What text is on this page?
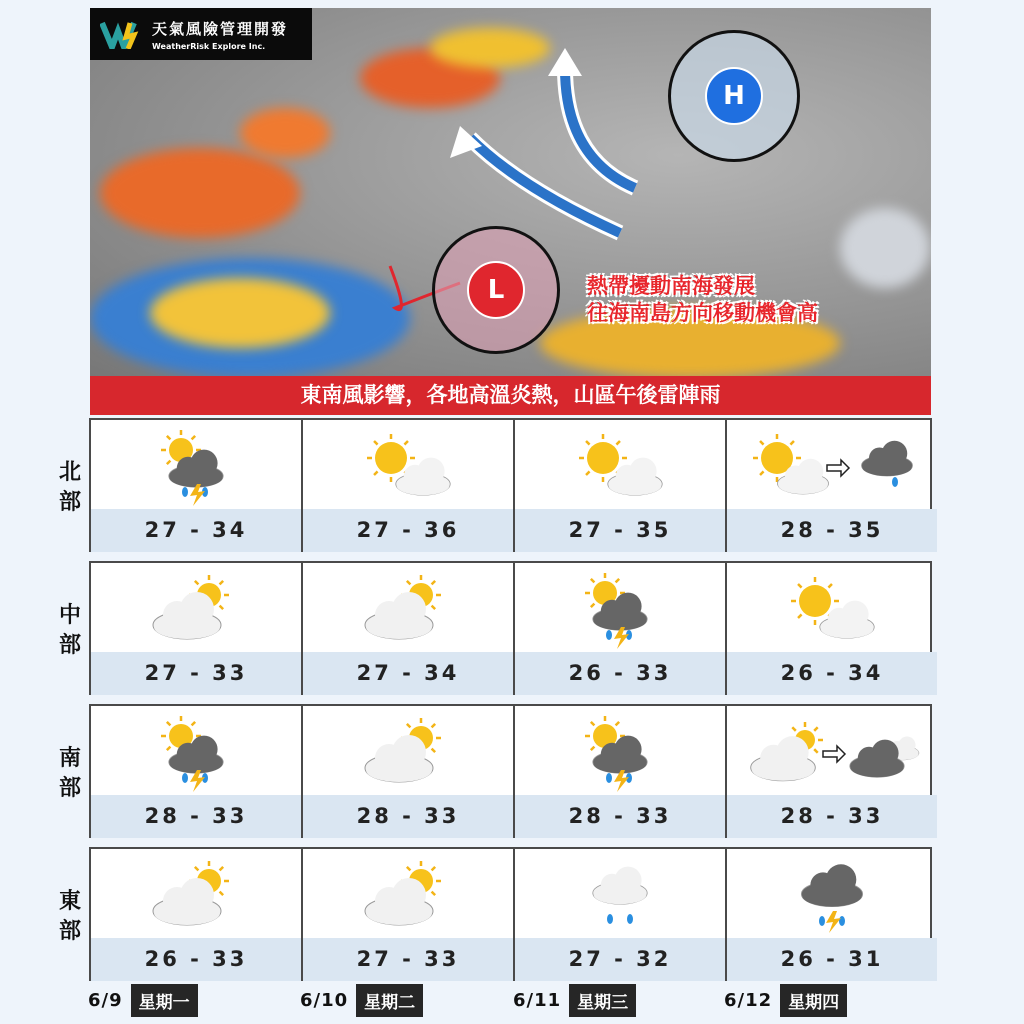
天氣風險管理開發
WeatherRisk Explore Inc.
H
L	熱帶擾動南海發展
往海南島方向移動機會高
東南風影響，各地高溫炎熱，山區午後雷陣雨
北
部
27 - 34	27 - 36	27 - 35	28 - 35
中
部
27 - 33	27 - 34	26 - 33	26 - 34
南
部
28 - 33	28 - 33	28 - 33	28 - 33
東
部
26 - 33	27 - 33	27 - 32	26 - 31
6/9 星期一	6/10 星期二	6/11 星期三	6/12 星期四
